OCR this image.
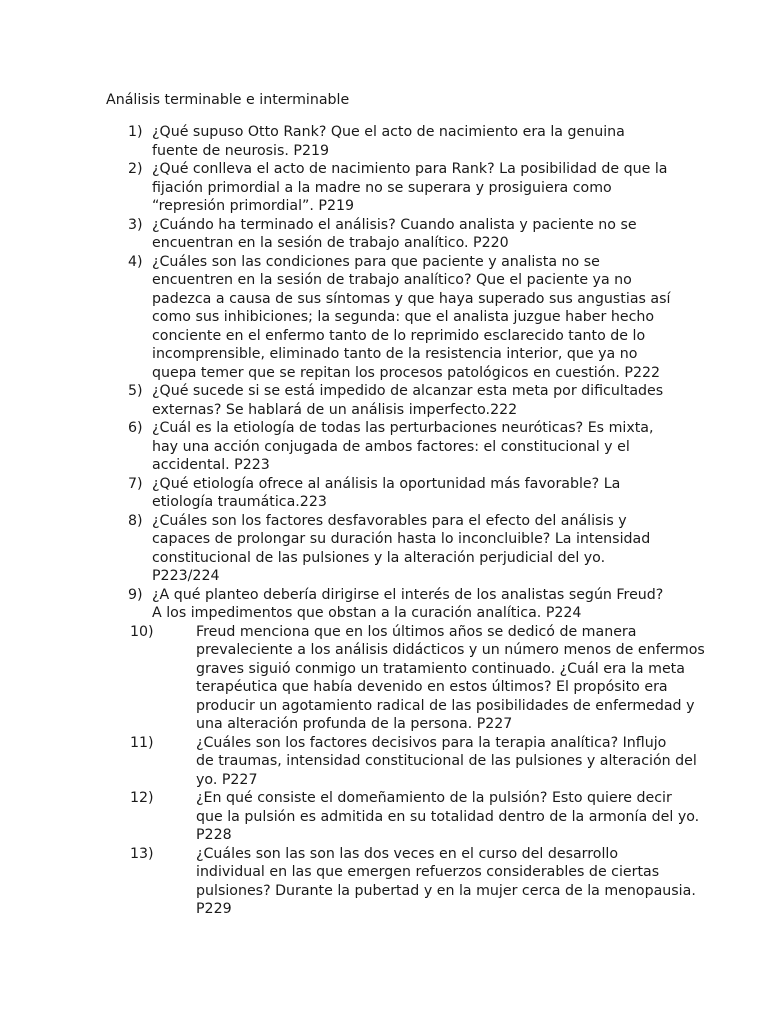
Análisis terminable e interminable
1) ¿Qué supuso Otto Rank? Que el acto de nacimiento era la genuina
fuente de neurosis. P219
2) ¿Qué conlleva el acto de nacimiento para Rank? La posibilidad de que la
fijación primordial a la madre no se superara y prosiguiera como
“represión primordial”. P219
3) ¿Cuándo ha terminado el análisis? Cuando analista y paciente no se
encuentran en la sesión de trabajo analítico. P220
4) ¿Cuáles son las condiciones para que paciente y analista no se
encuentren en la sesión de trabajo analítico? Que el paciente ya no
padezca a causa de sus síntomas y que haya superado sus angustias así
como sus inhibiciones; la segunda: que el analista juzgue haber hecho
conciente en el enfermo tanto de lo reprimido esclarecido tanto de lo
incomprensible, eliminado tanto de la resistencia interior, que ya no
quepa temer que se repitan los procesos patológicos en cuestión. P222
5) ¿Qué sucede si se está impedido de alcanzar esta meta por dificultades
externas? Se hablará de un análisis imperfecto.222
6) ¿Cuál es la etiología de todas las perturbaciones neuróticas? Es mixta,
hay una acción conjugada de ambos factores: el constitucional y el
accidental. P223
7) ¿Qué etiología ofrece al análisis la oportunidad más favorable? La
etiología traumática.223
8) ¿Cuáles son los factores desfavorables para el efecto del análisis y
capaces de prolongar su duración hasta lo inconcluible? La intensidad
constitucional de las pulsiones y la alteración perjudicial del yo.
P223/224
9) ¿A qué planteo debería dirigirse el interés de los analistas según Freud?
A los impedimentos que obstan a la curación analítica. P224
10)	Freud menciona que en los últimos años se dedicó de manera
prevaleciente a los análisis didácticos y un número menos de enfermos
graves siguió conmigo un tratamiento continuado. ¿Cuál era la meta
terapéutica que había devenido en estos últimos? El propósito era
producir un agotamiento radical de las posibilidades de enfermedad y
una alteración profunda de la persona. P227
11)	¿Cuáles son los factores decisivos para la terapia analítica? Influjo
de traumas, intensidad constitucional de las pulsiones y alteración del
yo. P227
12)	¿En qué consiste el domeñamiento de la pulsión? Esto quiere decir
que la pulsión es admitida en su totalidad dentro de la armonía del yo.
P228
13)	¿Cuáles son las son las dos veces en el curso del desarrollo
individual en las que emergen refuerzos considerables de ciertas
pulsiones? Durante la pubertad y en la mujer cerca de la menopausia.
P229
